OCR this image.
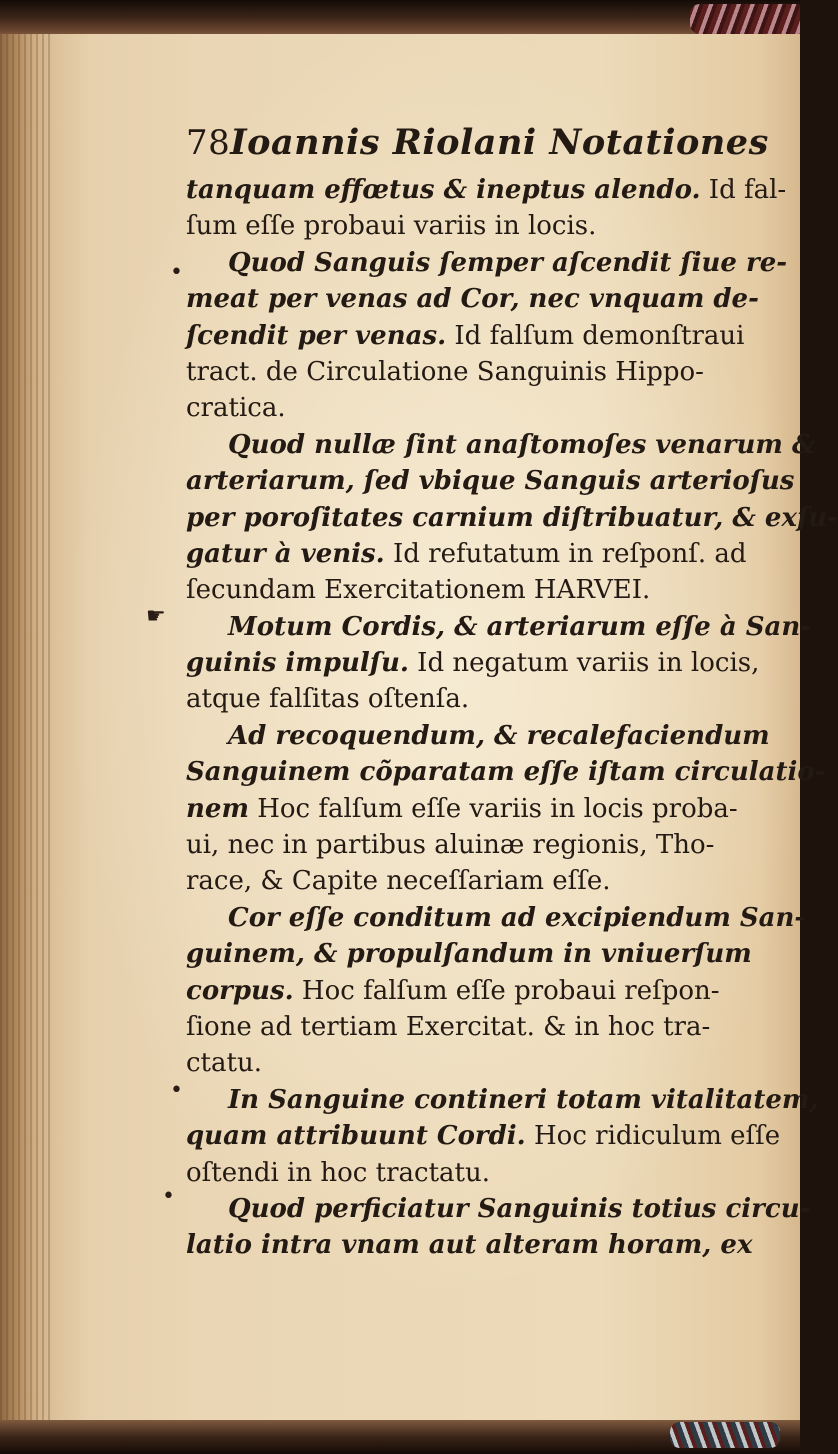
•
☛
•
•
78 Ioannis Riolani Notationes
tanquam effœtus & ineptus alendo. Id fal-
ſum eſſe probaui variis in locis.
Quod Sanguis ſemper aſcendit ſiue re-
meat per venas ad Cor, nec vnquam de-
ſcendit per venas. Id falſum demonſtraui
tract. de Circulatione Sanguinis Hippo-
cratica.
Quod nullæ ſint anaſtomoſes venarum &
arteriarum, ſed vbique Sanguis arterioſus
per poroſitates carnium diſtribuatur, & exſu-
gatur à venis. Id refutatum in reſponſ. ad
ſecundam Exercitationem HARVEI.
Motum Cordis, & arteriarum eſſe à San-
guinis impulſu. Id negatum variis in locis,
atque falſitas oſtenſa.
Ad recoquendum, & recalefaciendum
Sanguinem cõparatam eſſe iſtam circulatio-
nem Hoc falſum eſſe variis in locis proba-
ui, nec in partibus aluinæ regionis, Tho-
race, & Capite neceſſariam eſſe.
Cor eſſe conditum ad excipiendum San-
guinem, & propulſandum in vniuerſum
corpus. Hoc falſum eſſe probaui reſpon-
ſione ad tertiam Exercitat. & in hoc tra-
ctatu.
In Sanguine contineri totam vitalitatem,
quam attribuunt Cordi. Hoc ridiculum eſſe
oſtendi in hoc tractatu.
Quod perficiatur Sanguinis totius circu-
latio intra vnam aut alteram horam, ex
